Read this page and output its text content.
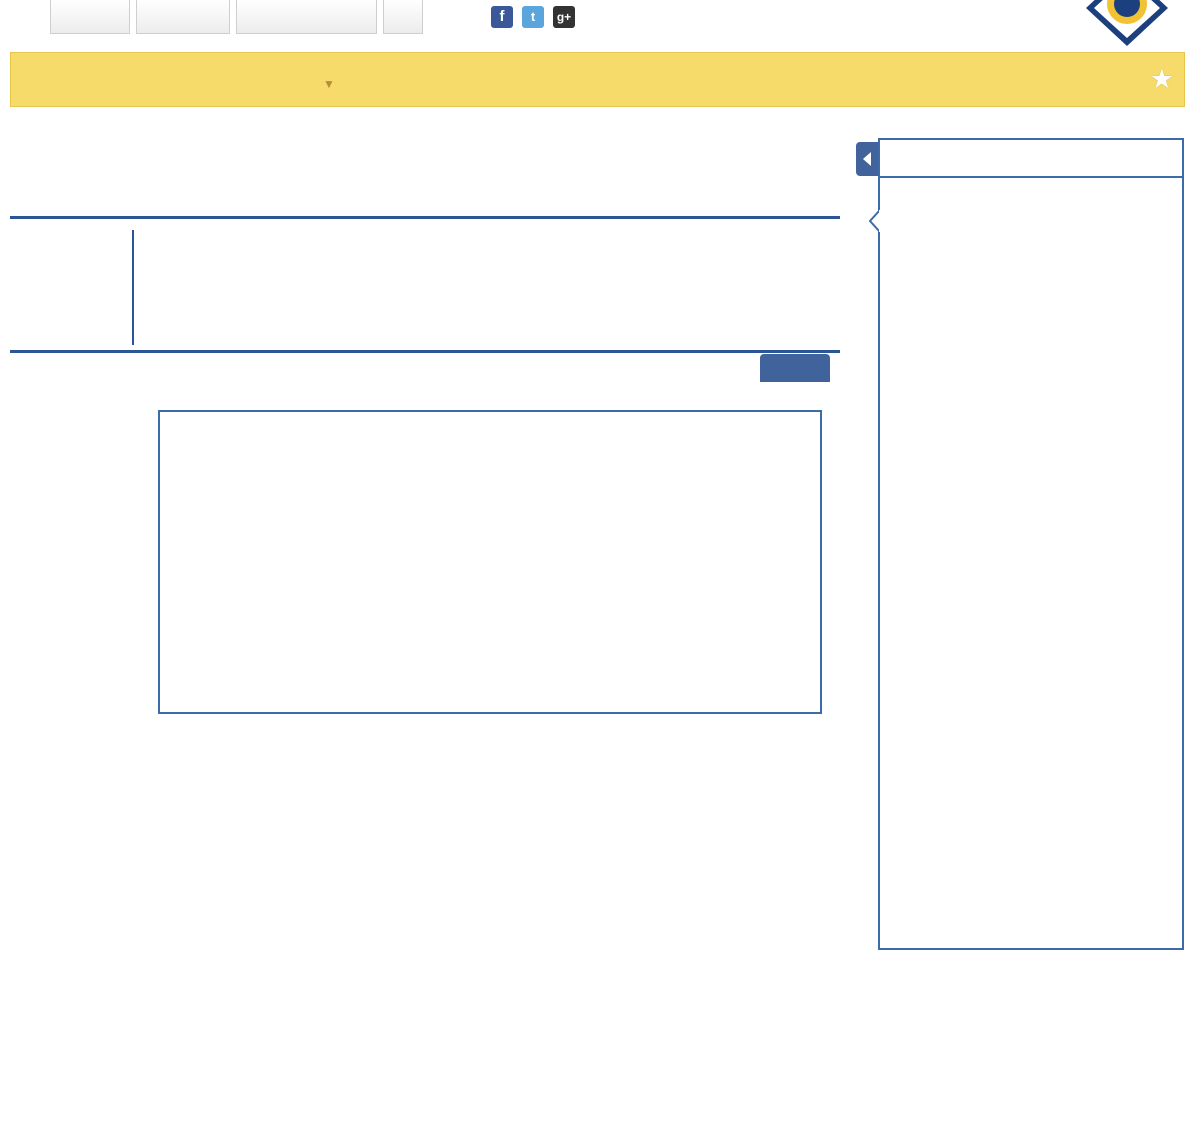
f	t	g+
▼	★
